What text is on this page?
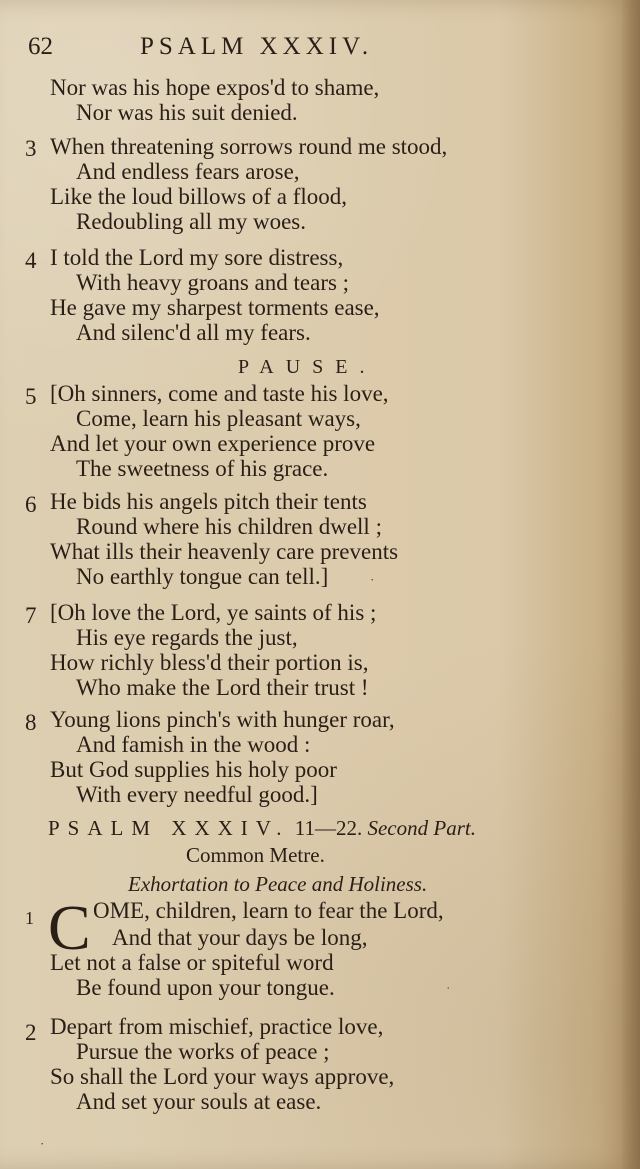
62	PSALM XXXIV.
Nor was his hope expos'd to shame,
Nor was his suit denied.
3 When threatening sorrows round me stood,
And endless fears arose,
Like the loud billows of a flood,
Redoubling all my woes.
4 I told the Lord my sore distress,
With heavy groans and tears ;
He gave my sharpest torments ease,
And silenc'd all my fears.
PAUSE.
5 [Oh sinners, come and taste his love,
Come, learn his pleasant ways,
And let your own experience prove
The sweetness of his grace.
6 He bids his angels pitch their tents
Round where his children dwell ;
What ills their heavenly care prevents
No earthly tongue can tell.]
7 [Oh love the Lord, ye saints of his ;
His eye regards the just,
How richly bless'd their portion is,
Who make the Lord their trust !
8 Young lions pinch's with hunger roar,
And famish in the wood :
But God supplies his holy poor
With every needful good.]
PSALM XXXIV. 11—22. Second Part.
Common Metre.
Exhortation to Peace and Holiness.
1 C OME, children, learn to fear the Lord,
And that your days be long,
Let not a false or spiteful word
Be found upon your tongue.
2 Depart from mischief, practice love,
Pursue the works of peace ;
So shall the Lord your ways approve,
And set your souls at ease.
·
·
ˈ
